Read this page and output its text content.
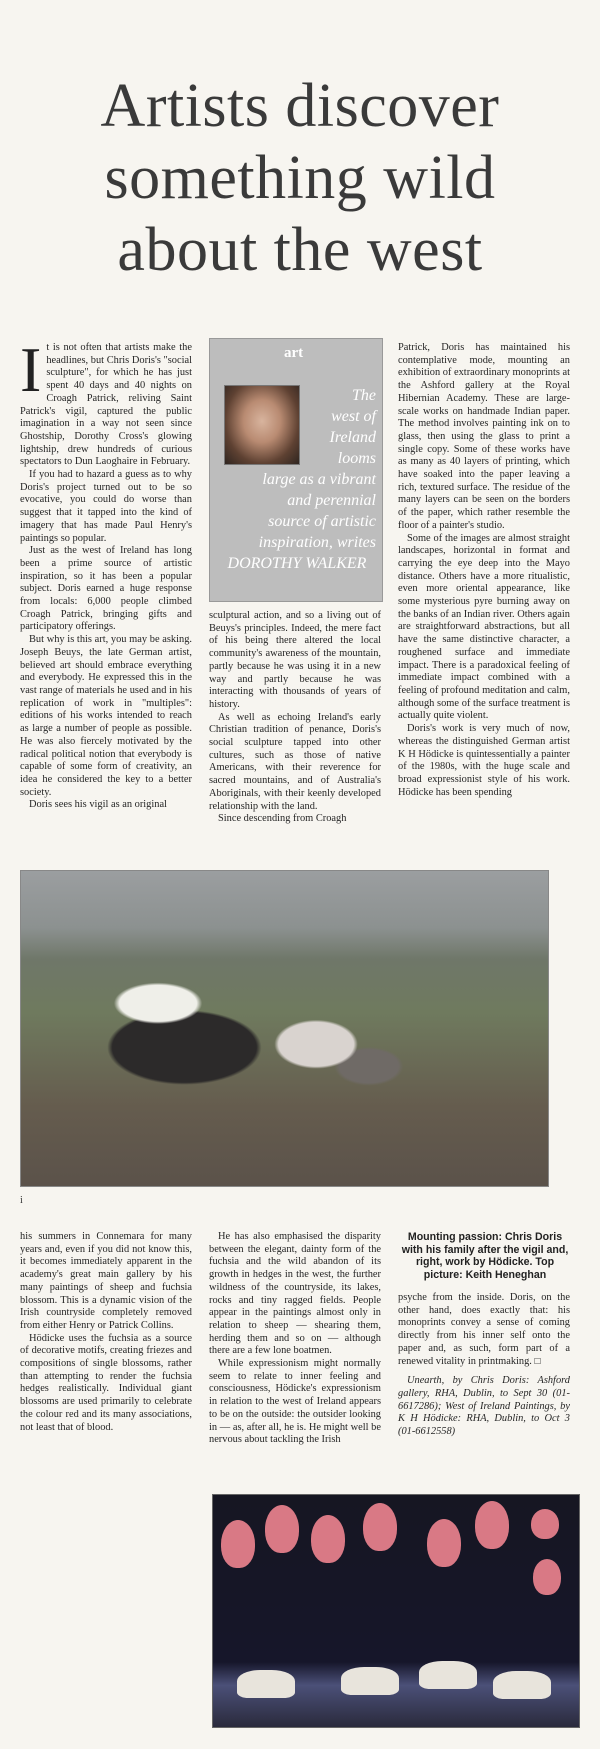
Artists discover
something wild
about the west

It is not often that artists make the headlines, but Chris Doris's "social sculpture", for which he has just spent 40 days and 40 nights on Croagh Patrick, reliving Saint Patrick's vigil, captured the public imagination in a way not seen since Ghostship, Dorothy Cross's glowing lightship, drew hundreds of curious spectators to Dun Laoghaire in February.

If you had to hazard a guess as to why Doris's project turned out to be so evocative, you could do worse than suggest that it tapped into the kind of imagery that has made Paul Henry's paintings so popular.

Just as the west of Ireland has long been a prime source of artistic inspiration, so it has been a popular subject. Doris earned a huge response from locals: 6,000 people climbed Croagh Patrick, bringing gifts and participatory offerings.

But why is this art, you may be asking. Joseph Beuys, the late German artist, believed art should embrace everything and everybody. He expressed this in the vast range of materials he used and in his replication of work in "multiples": editions of his works intended to reach as large a number of people as possible. He was also fiercely motivated by the radical political notion that everybody is capable of some form of creativity, an idea he considered the key to a better society.

Doris sees his vigil as an original

art
The
west of
Ireland
looms
large as a vibrant
and perennial
source of artistic
inspiration, writes
DOROTHY WALKER

sculptural action, and so a living out of Beuys's principles. Indeed, the mere fact of his being there altered the local community's awareness of the mountain, partly because he was using it in a new way and partly because he was interacting with thousands of years of history.

As well as echoing Ireland's early Christian tradition of penance, Doris's social sculpture tapped into other cultures, such as those of native Americans, with their reverence for sacred mountains, and of Australia's Aboriginals, with their keenly developed relationship with the land.

Since descending from Croagh

Patrick, Doris has maintained his contemplative mode, mounting an exhibition of extraordinary monoprints at the Ashford gallery at the Royal Hibernian Academy. These are large-scale works on handmade Indian paper. The method involves painting ink on to glass, then using the glass to print a single copy. Some of these works have as many as 40 layers of printing, which have soaked into the paper leaving a rich, textured surface. The residue of the many layers can be seen on the borders of the paper, which rather resemble the floor of a painter's studio.

Some of the images are almost straight landscapes, horizontal in format and carrying the eye deep into the Mayo distance. Others have a more ritualistic, even more oriental appearance, like some mysterious pyre burning away on the banks of an Indian river. Others again are straightforward abstractions, but all have the same distinctive character, a roughened surface and immediate impact. There is a paradoxical feeling of immediate impact combined with a feeling of profound meditation and calm, although some of the surface treatment is actually quite violent.

Doris's work is very much of now, whereas the distinguished German artist K H Hödicke is quintessentially a painter of the 1980s, with the huge scale and broad expressionist style of his work. Hödicke has been spending

i

his summers in Connemara for many years and, even if you did not know this, it becomes immediately apparent in the academy's great main gallery by his many paintings of sheep and fuchsia blossom. This is a dynamic vision of the Irish countryside completely removed from either Henry or Patrick Collins.

Hödicke uses the fuchsia as a source of decorative motifs, creating friezes and compositions of single blossoms, rather than attempting to render the fuchsia hedges realistically. Individual giant blossoms are used primarily to celebrate the colour red and its many associations, not least that of blood.

He has also emphasised the disparity between the elegant, dainty form of the fuchsia and the wild abandon of its growth in hedges in the west, the further wildness of the countryside, its lakes, rocks and tiny ragged fields. People appear in the paintings almost only in relation to sheep — shearing them, herding them and so on — although there are a few lone boatmen.

While expressionism might normally seem to relate to inner feeling and consciousness, Hödicke's expressionism in relation to the west of Ireland appears to be on the outside: the outsider looking in — as, after all, he is. He might well be nervous about tackling the Irish

Mounting passion: Chris Doris with his family after the vigil and, right, work by Hödicke. Top picture: Keith Heneghan

psyche from the inside. Doris, on the other hand, does exactly that: his monoprints convey a sense of coming directly from his inner self onto the paper and, as such, form part of a renewed vitality in printmaking. □

Unearth, by Chris Doris: Ashford gallery, RHA, Dublin, to Sept 30 (01-6617286); West of Ireland Paintings, by K H Hödicke: RHA, Dublin, to Oct 3 (01-6612558)
